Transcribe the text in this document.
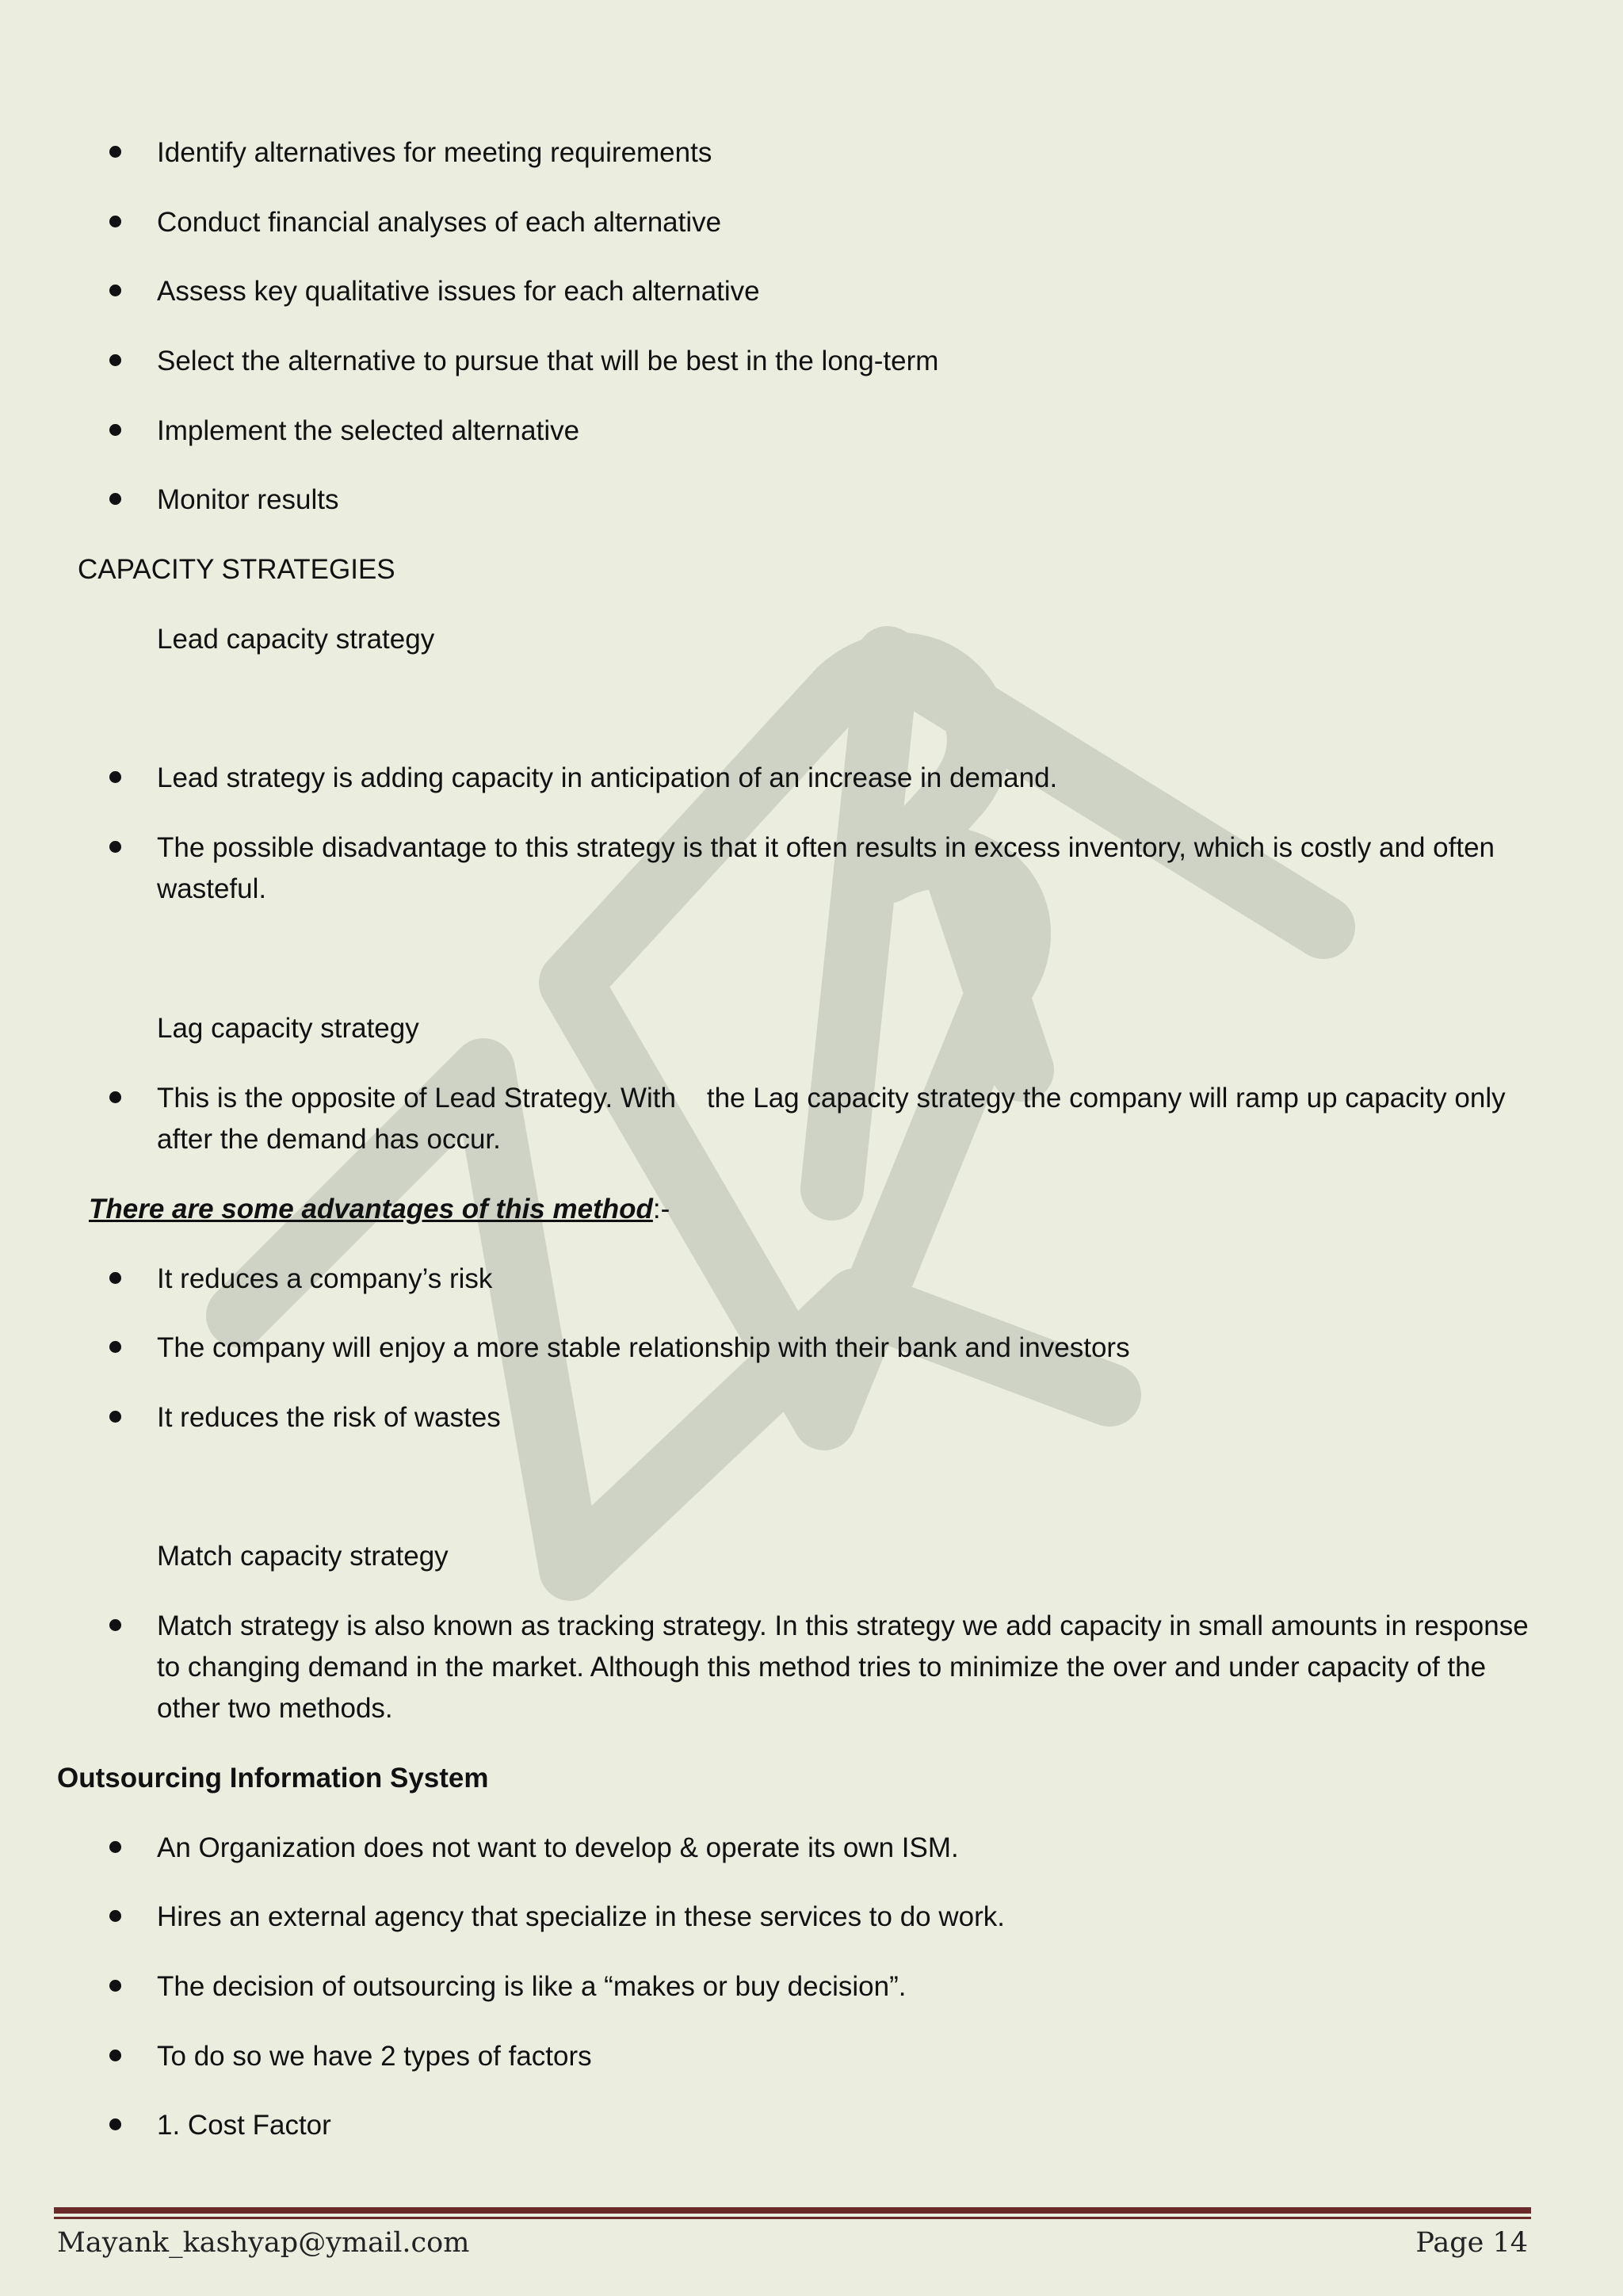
Identify alternatives for meeting requirements
Conduct financial analyses of each alternative
Assess key qualitative issues for each alternative
Select the alternative to pursue that will be best in the long-term
Implement the selected alternative
Monitor results
CAPACITY STRATEGIES
Lead capacity strategy
Lead strategy is adding capacity in anticipation of an increase in demand.
The possible disadvantage to this strategy is that it often results in excess inventory, which is costly and often
wasteful.
Lag capacity strategy
This is the opposite of Lead Strategy. With    the Lag capacity strategy the company will ramp up capacity only
after the demand has occur.
There are some advantages of this method:-
It reduces a company’s risk
The company will enjoy a more stable relationship with their bank and investors
It reduces the risk of wastes
Match capacity strategy
Match strategy is also known as tracking strategy. In this strategy we add capacity in small amounts in response
to changing demand in the market. Although this method tries to minimize the over and under capacity of the
other two methods.
Outsourcing Information System
An Organization does not want to develop & operate its own ISM.
Hires an external agency that specialize in these services to do work.
The decision of outsourcing is like a “makes or buy decision”.
To do so we have 2 types of factors
1. Cost Factor
Mayank_kashyap@ymail.com	Page 14
